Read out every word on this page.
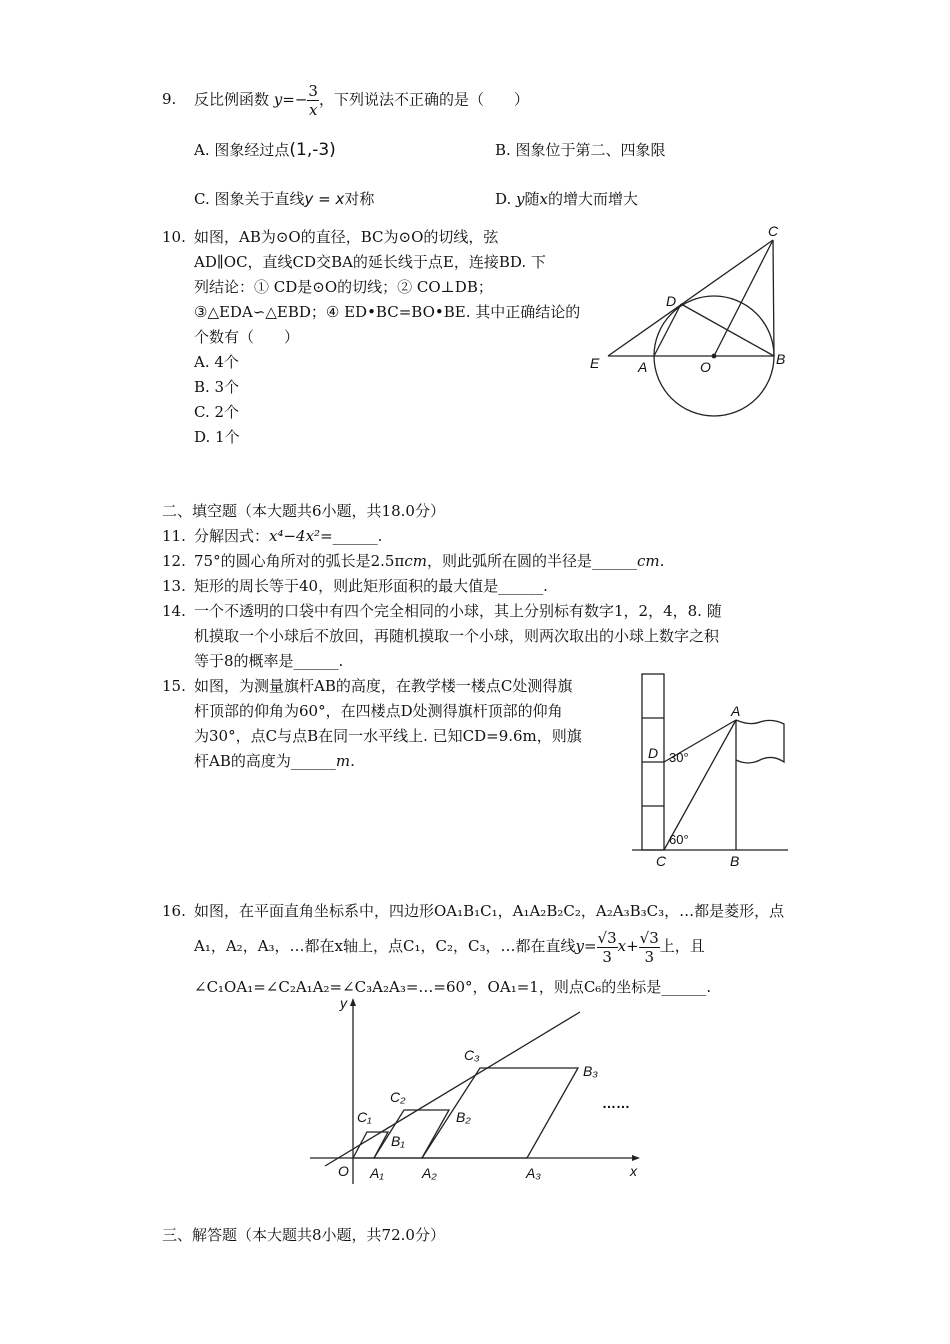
9. 反比例函数 $y=- \frac{3}{x}$ ，下列说法不正确的是（　　）
A. 图象经过点(1,-3)	B. 图象位于第二、四象限
C. 图象关于直线y = x对称	D. y随x的增大而增大
10. 如图，AB为⊙O的直径，BC为⊙O的切线，弦
AD∥OC，直线CD交BA的延长线于点E，连接BD. 下
列结论：① CD是⊙O的切线；② CO⊥DB；
③△EDA∽△EBD；④ ED•BC=BO•BE. 其中正确结论的
个数有（　　）
A. 4个
B. 3个
C. 2个
D. 1个
C
D
E	A	O	B
二、填空题（本大题共6小题，共18.0分）
11. 分解因式：x⁴−4x²=______.
12. 75°的圆心角所对的弧长是2.5πcm，则此弧所在圆的半径是______cm.
13. 矩形的周长等于40，则此矩形面积的最大值是______.
14. 一个不透明的口袋中有四个完全相同的小球，其上分别标有数字1，2，4，8. 随
机摸取一个小球后不放回，再随机摸取一个小球，则两次取出的小球上数字之积
等于8的概率是______.
15. 如图，为测量旗杆AB的高度，在教学楼一楼点C处测得旗
杆顶部的仰角为60°，在四楼点D处测得旗杆顶部的仰角
为30°，点C与点B在同一水平线上. 已知CD=9.6m，则旗
杆AB的高度为______m.
A
D
C	B
30°
60°
16. 如图，在平面直角坐标系中，四边形OA₁B₁C₁，A₁A₂B₂C₂，A₂A₃B₃C₃，…都是菱形，点
A₁，A₂，A₃，…都在x轴上，点C₁，C₂，C₃，…都在直线$y= \frac{√3}{3} x+ \frac{√3}{3}$ 上，且
∠C₁OA₁=∠C₂A₁A₂=∠C₃A₂A₃=…=60°，OA₁=1，则点C₆的坐标是______.
y
x
O
C₁
C₂
C₃
B₁
B₂
B₃
A₁	A₂	A₃
……
三、解答题（本大题共8小题，共72.0分）
